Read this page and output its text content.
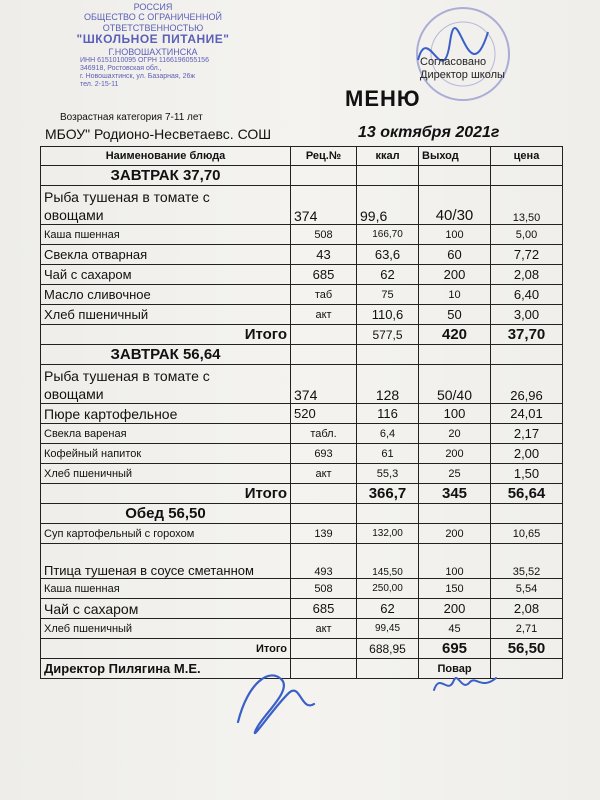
РОССИЯ
ОБЩЕСТВО С ОГРАНИЧЕННОЙ
ОТВЕТСТВЕННОСТЬЮ
"ШКОЛЬНОЕ ПИТАНИЕ"
Г.НОВОШАХТИНСКА
ИНН 6151010095 ОГРН 1166196055156
346918, Ростовская обл.,
г. Новошахтинск, ул. Базарная, 26ж
тел. 2-15-11
Согласовано
Директор школы
МЕНЮ
Возрастная категория 7-11 лет
МБОУ" Родионо-Несветаевс. СОШ	13 октября 2021г
Наименование блюда	Рец.№	ккал	Выход	цена
ЗАВТРАК 37,70				
Рыба тушеная в томате с
овощами	374	99,6	40/30	13,50
Каша пшенная	508	166,70	100	5,00
Свекла отварная	43	63,6	60	7,72
Чай с сахаром	685	62	200	2,08
Масло сливочное	таб	75	10	6,40
Хлеб пшеничный	акт	110,6	50	3,00
Итого		577,5	420	37,70
ЗАВТРАК 56,64				
Рыба тушеная в томате с
овощами	374	128	50/40	26,96
Пюре картофельное	520	116	100	24,01
Свекла вареная	табл.	6,4	20	2,17
Кофейный напиток	693	61	200	2,00
Хлеб пшеничный	акт	55,3	25	1,50
Итого		366,7	345	56,64
Обед 56,50				
Суп картофельный с горохом	139	132,00	200	10,65
Птица тушеная в соусе сметанном	493	145,50	100	35,52
Каша пшенная	508	250,00	150	5,54
Чай с сахаром	685	62	200	2,08
Хлеб пшеничный	акт	99,45	45	2,71
Итого		688,95	695	56,50
Директор Пилягина М.Е.			Повар	
